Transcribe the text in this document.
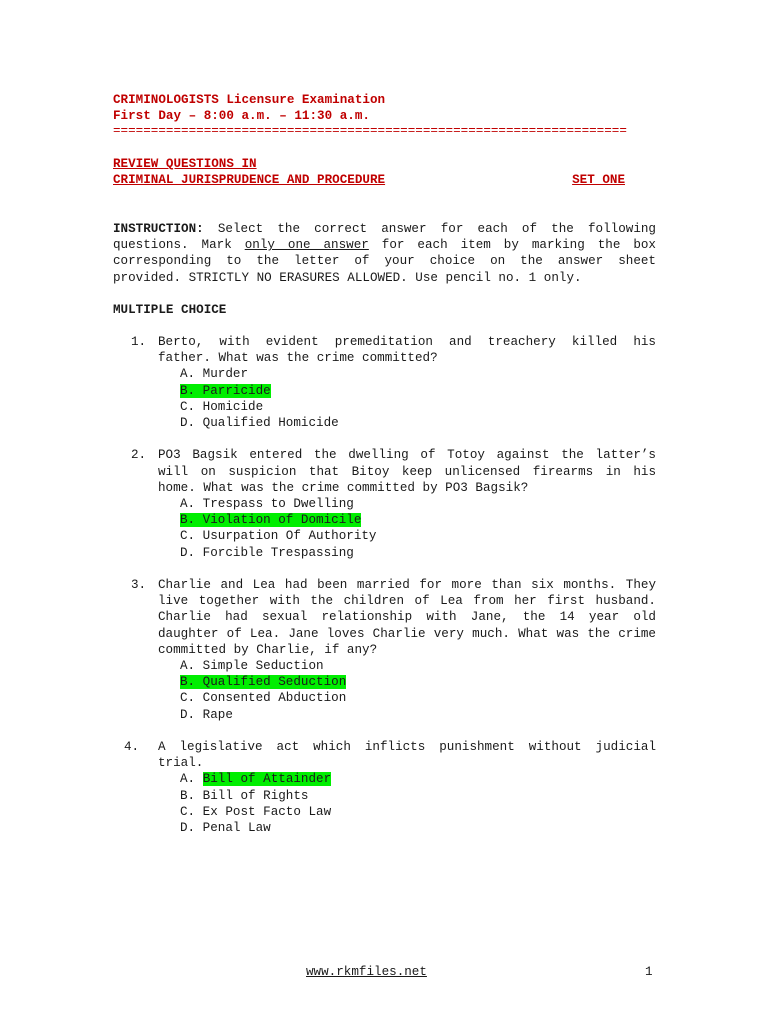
CRIMINOLOGISTS Licensure Examination
First Day – 8:00 a.m. – 11:30 a.m.
====================================================================
REVIEW QUESTIONS IN
CRIMINAL JURISPRUDENCE AND PROCEDURE	SET ONE
INSTRUCTION: Select the correct answer for each of the following questions. Mark only one answer for each item by marking the box corresponding to the letter of your choice on the answer sheet provided. STRICTLY NO ERASURES ALLOWED. Use pencil no. 1 only.
MULTIPLE CHOICE
1. Berto, with evident premeditation and treachery killed his father. What was the crime committed?
A. Murder
B. Parricide
C. Homicide
D. Qualified Homicide
2. PO3 Bagsik entered the dwelling of Totoy against the latter’s will on suspicion that Bitoy keep unlicensed firearms in his home. What was the crime committed by PO3 Bagsik?
A. Trespass to Dwelling
B. Violation of Domicile
C. Usurpation Of Authority
D. Forcible Trespassing
3. Charlie and Lea had been married for more than six months. They live together with the children of Lea from her first husband. Charlie had sexual relationship with Jane, the 14 year old daughter of Lea. Jane loves Charlie very much. What was the crime committed by Charlie, if any?
A. Simple Seduction
B. Qualified Seduction
C. Consented Abduction
D. Rape
4.	A legislative act which inflicts punishment without judicial trial.
A. Bill of Attainder
B. Bill of Rights
C. Ex Post Facto Law
D. Penal Law
www.rkmfiles.net	1
